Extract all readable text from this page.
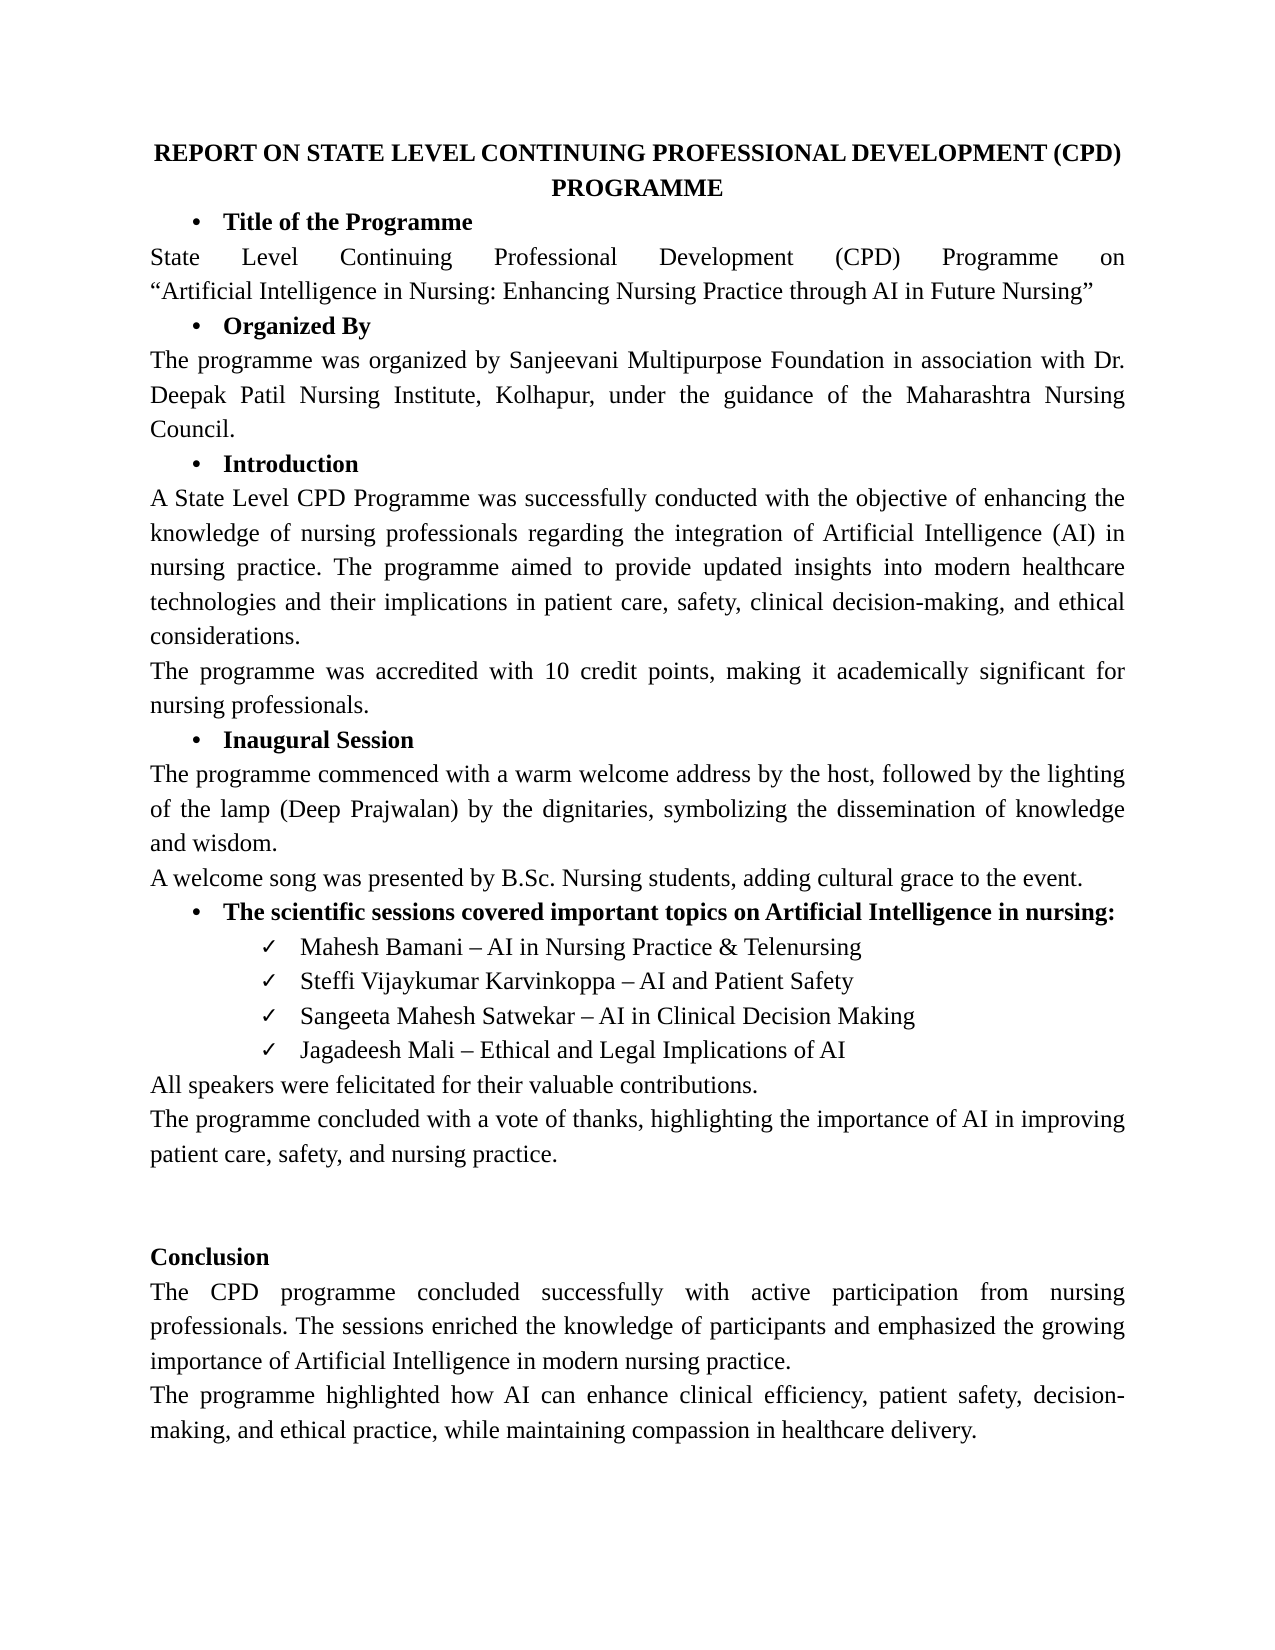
REPORT ON STATE LEVEL CONTINUING PROFESSIONAL DEVELOPMENT (CPD)
PROGRAMME
• Title of the Programme

State Level Continuing Professional Development (CPD) Programme on

“Artificial Intelligence in Nursing: Enhancing Nursing Practice through AI in Future Nursing”

• Organized By

The programme was organized by Sanjeevani Multipurpose Foundation in association with Dr. Deepak Patil Nursing Institute, Kolhapur, under the guidance of the Maharashtra Nursing Council.

• Introduction

A State Level CPD Programme was successfully conducted with the objective of enhancing the knowledge of nursing professionals regarding the integration of Artificial Intelligence (AI) in nursing practice. The programme aimed to provide updated insights into modern healthcare technologies and their implications in patient care, safety, clinical decision-making, and ethical considerations.

The programme was accredited with 10 credit points, making it academically significant for nursing professionals.

• Inaugural Session

The programme commenced with a warm welcome address by the host, followed by the lighting of the lamp (Deep Prajwalan) by the dignitaries, symbolizing the dissemination of knowledge and wisdom.

A welcome song was presented by B.Sc. Nursing students, adding cultural grace to the event.

• The scientific sessions covered important topics on Artificial Intelligence in nursing:
✓ Mahesh Bamani – AI in Nursing Practice & Telenursing
✓ Steffi Vijaykumar Karvinkoppa – AI and Patient Safety
✓ Sangeeta Mahesh Satwekar – AI in Clinical Decision Making
✓ Jagadeesh Mali – Ethical and Legal Implications of AI

All speakers were felicitated for their valuable contributions.

The programme concluded with a vote of thanks, highlighting the importance of AI in improving patient care, safety, and nursing practice.

Conclusion

The CPD programme concluded successfully with active participation from nursing professionals. The sessions enriched the knowledge of participants and emphasized the growing importance of Artificial Intelligence in modern nursing practice.

The programme highlighted how AI can enhance clinical efficiency, patient safety, decision-making, and ethical practice, while maintaining compassion in healthcare delivery.
